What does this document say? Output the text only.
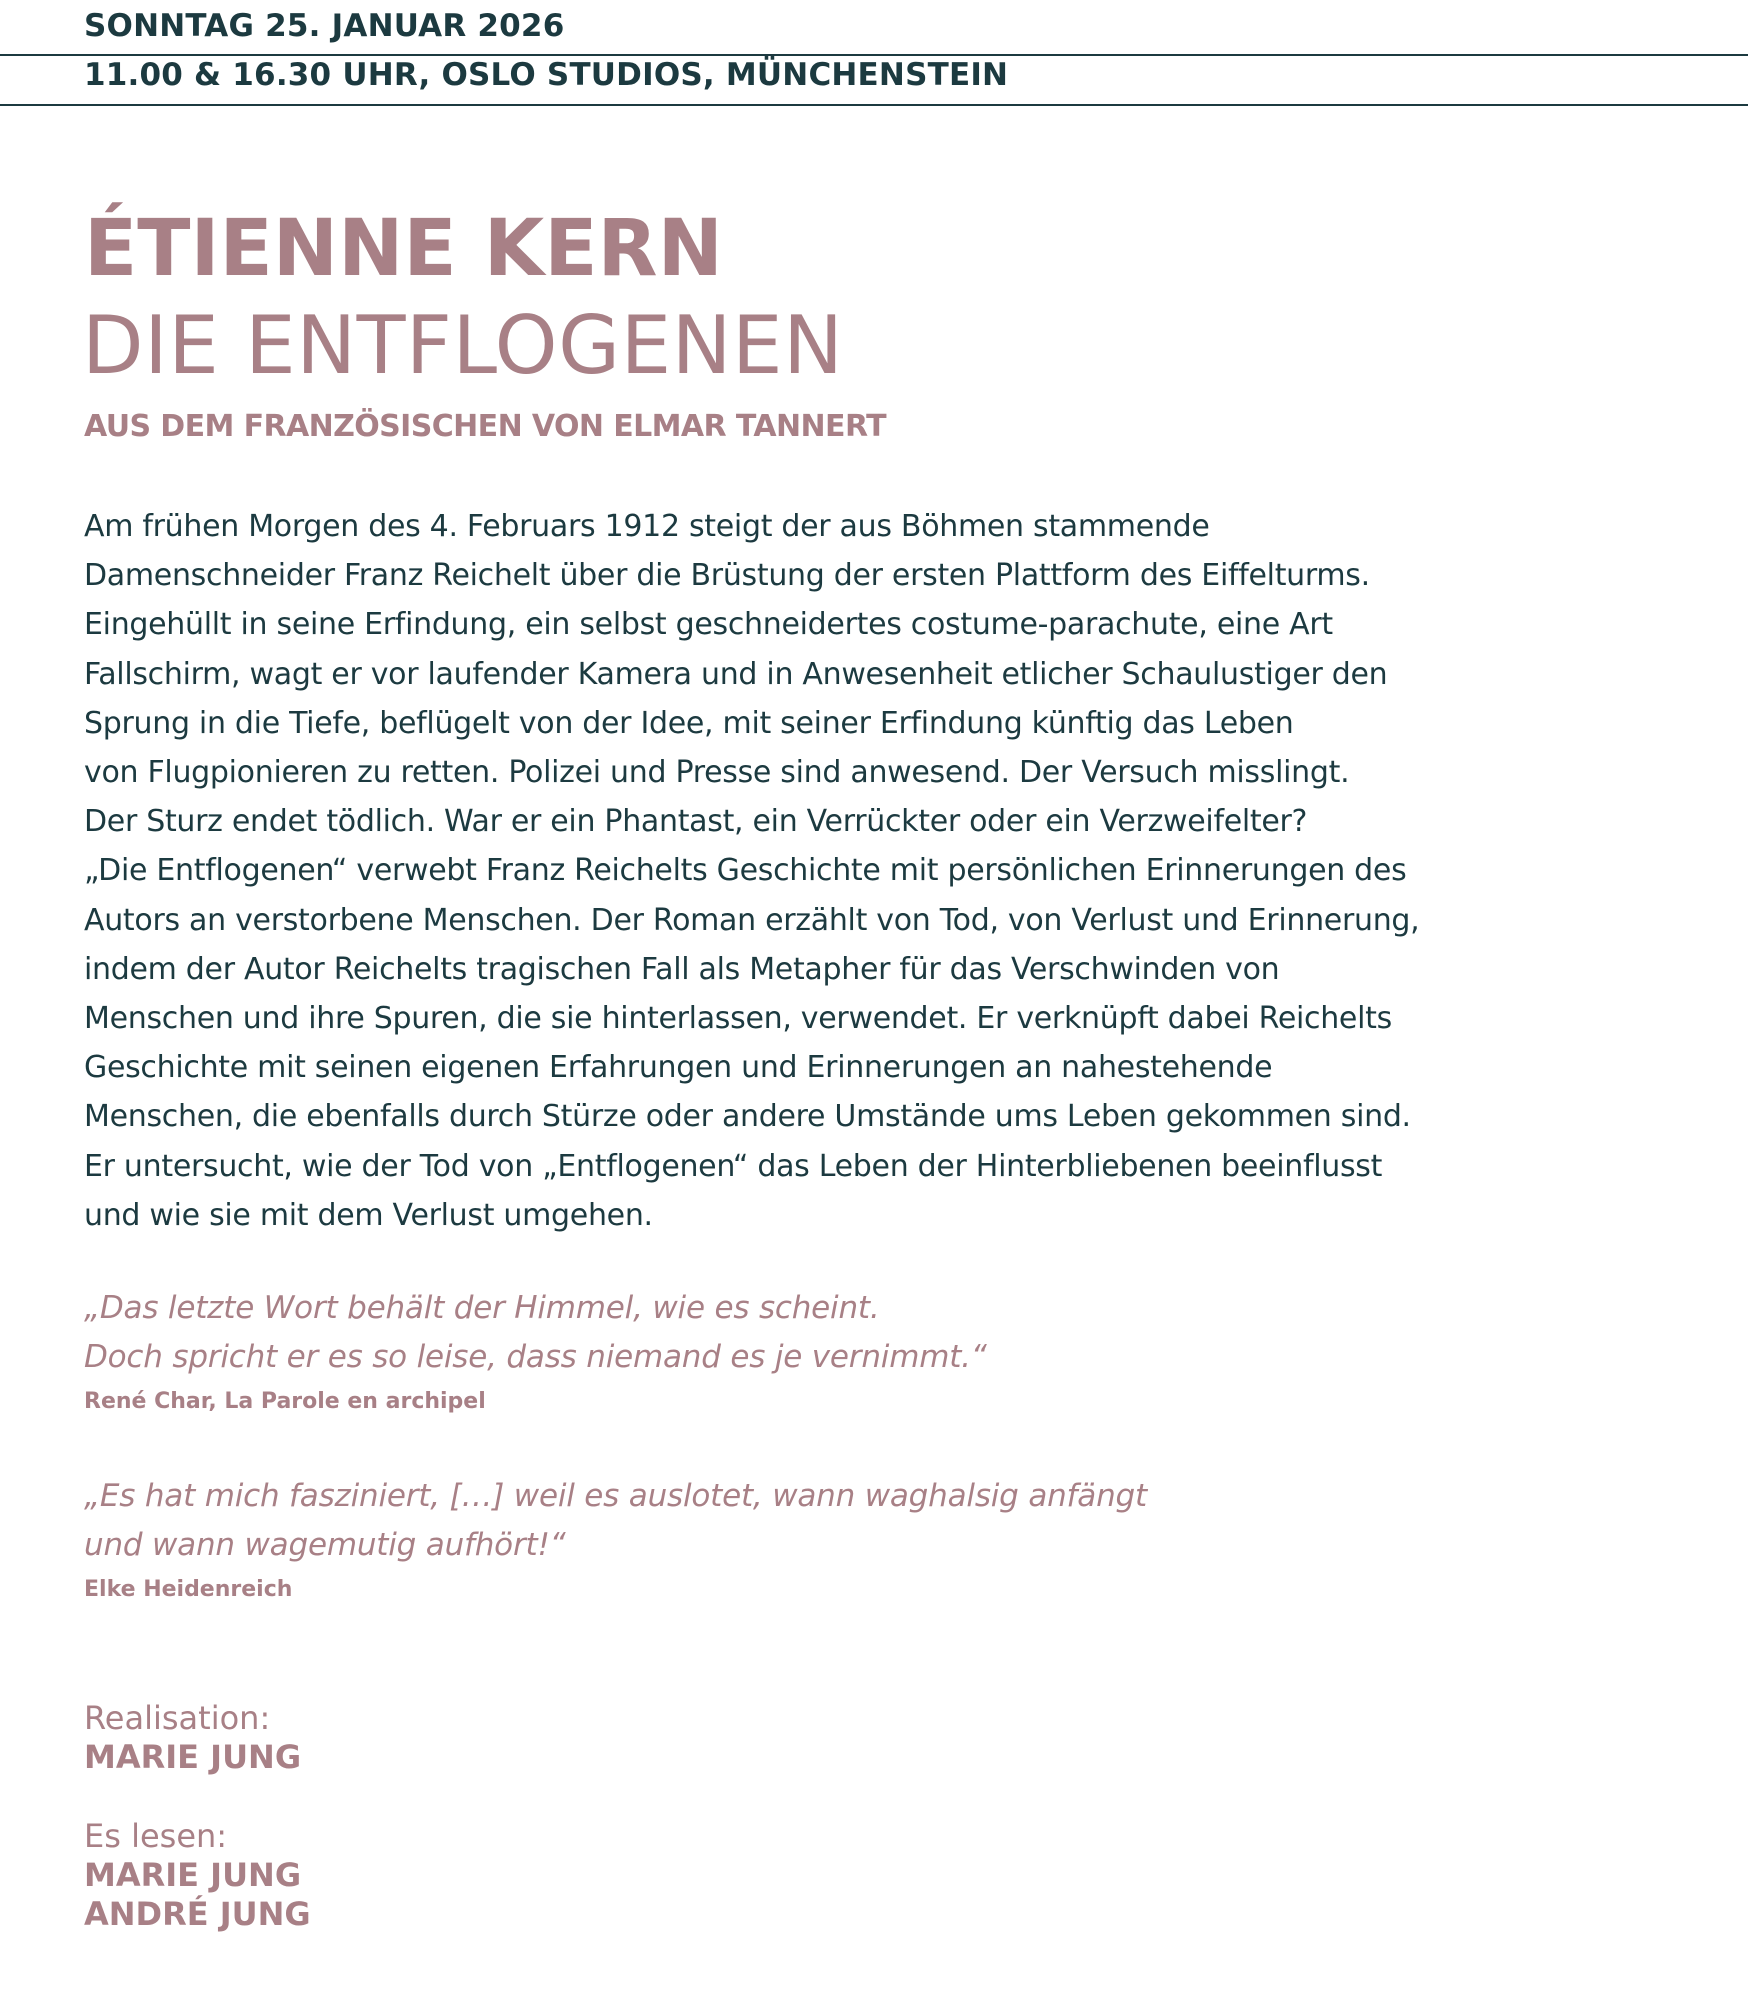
SONNTAG 25. JANUAR 2026
11.00 & 16.30 UHR, OSLO STUDIOS, MÜNCHENSTEIN
ÉTIENNE KERN
DIE ENTFLOGENEN
AUS DEM FRANZÖSISCHEN VON ELMAR TANNERT
Am frühen Morgen des 4. Februars 1912 steigt der aus Böhmen stammende
Damenschneider Franz Reichelt über die Brüstung der ersten Plattform des Eiffelturms.
Eingehüllt in seine Erfindung, ein selbst geschneidertes costume-parachute, eine Art
Fallschirm, wagt er vor laufender Kamera und in Anwesenheit etlicher Schaulustiger den
Sprung in die Tiefe, beflügelt von der Idee, mit seiner Erfindung künftig das Leben
von Flugpionieren zu retten. Polizei und Presse sind anwesend. Der Versuch misslingt.
Der Sturz endet tödlich. War er ein Phantast, ein Verrückter oder ein Verzweifelter?
„Die Entflogenen“ verwebt Franz Reichelts Geschichte mit persönlichen Erinnerungen des
Autors an verstorbene Menschen. Der Roman erzählt von Tod, von Verlust und Erinnerung,
indem der Autor Reichelts tragischen Fall als Metapher für das Verschwinden von
Menschen und ihre Spuren, die sie hinterlassen, verwendet. Er verknüpft dabei Reichelts
Geschichte mit seinen eigenen Erfahrungen und Erinnerungen an nahestehende
Menschen, die ebenfalls durch Stürze oder andere Umstände ums Leben gekommen sind.
Er untersucht, wie der Tod von „Entflogenen“ das Leben der Hinterbliebenen beeinflusst
und wie sie mit dem Verlust umgehen.
„Das letzte Wort behält der Himmel, wie es scheint.
Doch spricht er es so leise, dass niemand es je vernimmt.“
René Char, La Parole en archipel
„Es hat mich fasziniert, […] weil es auslotet, wann waghalsig anfängt
und wann wagemutig aufhört!“
Elke Heidenreich
Realisation:
MARIE JUNG
Es lesen:
MARIE JUNG
ANDRÉ JUNG
